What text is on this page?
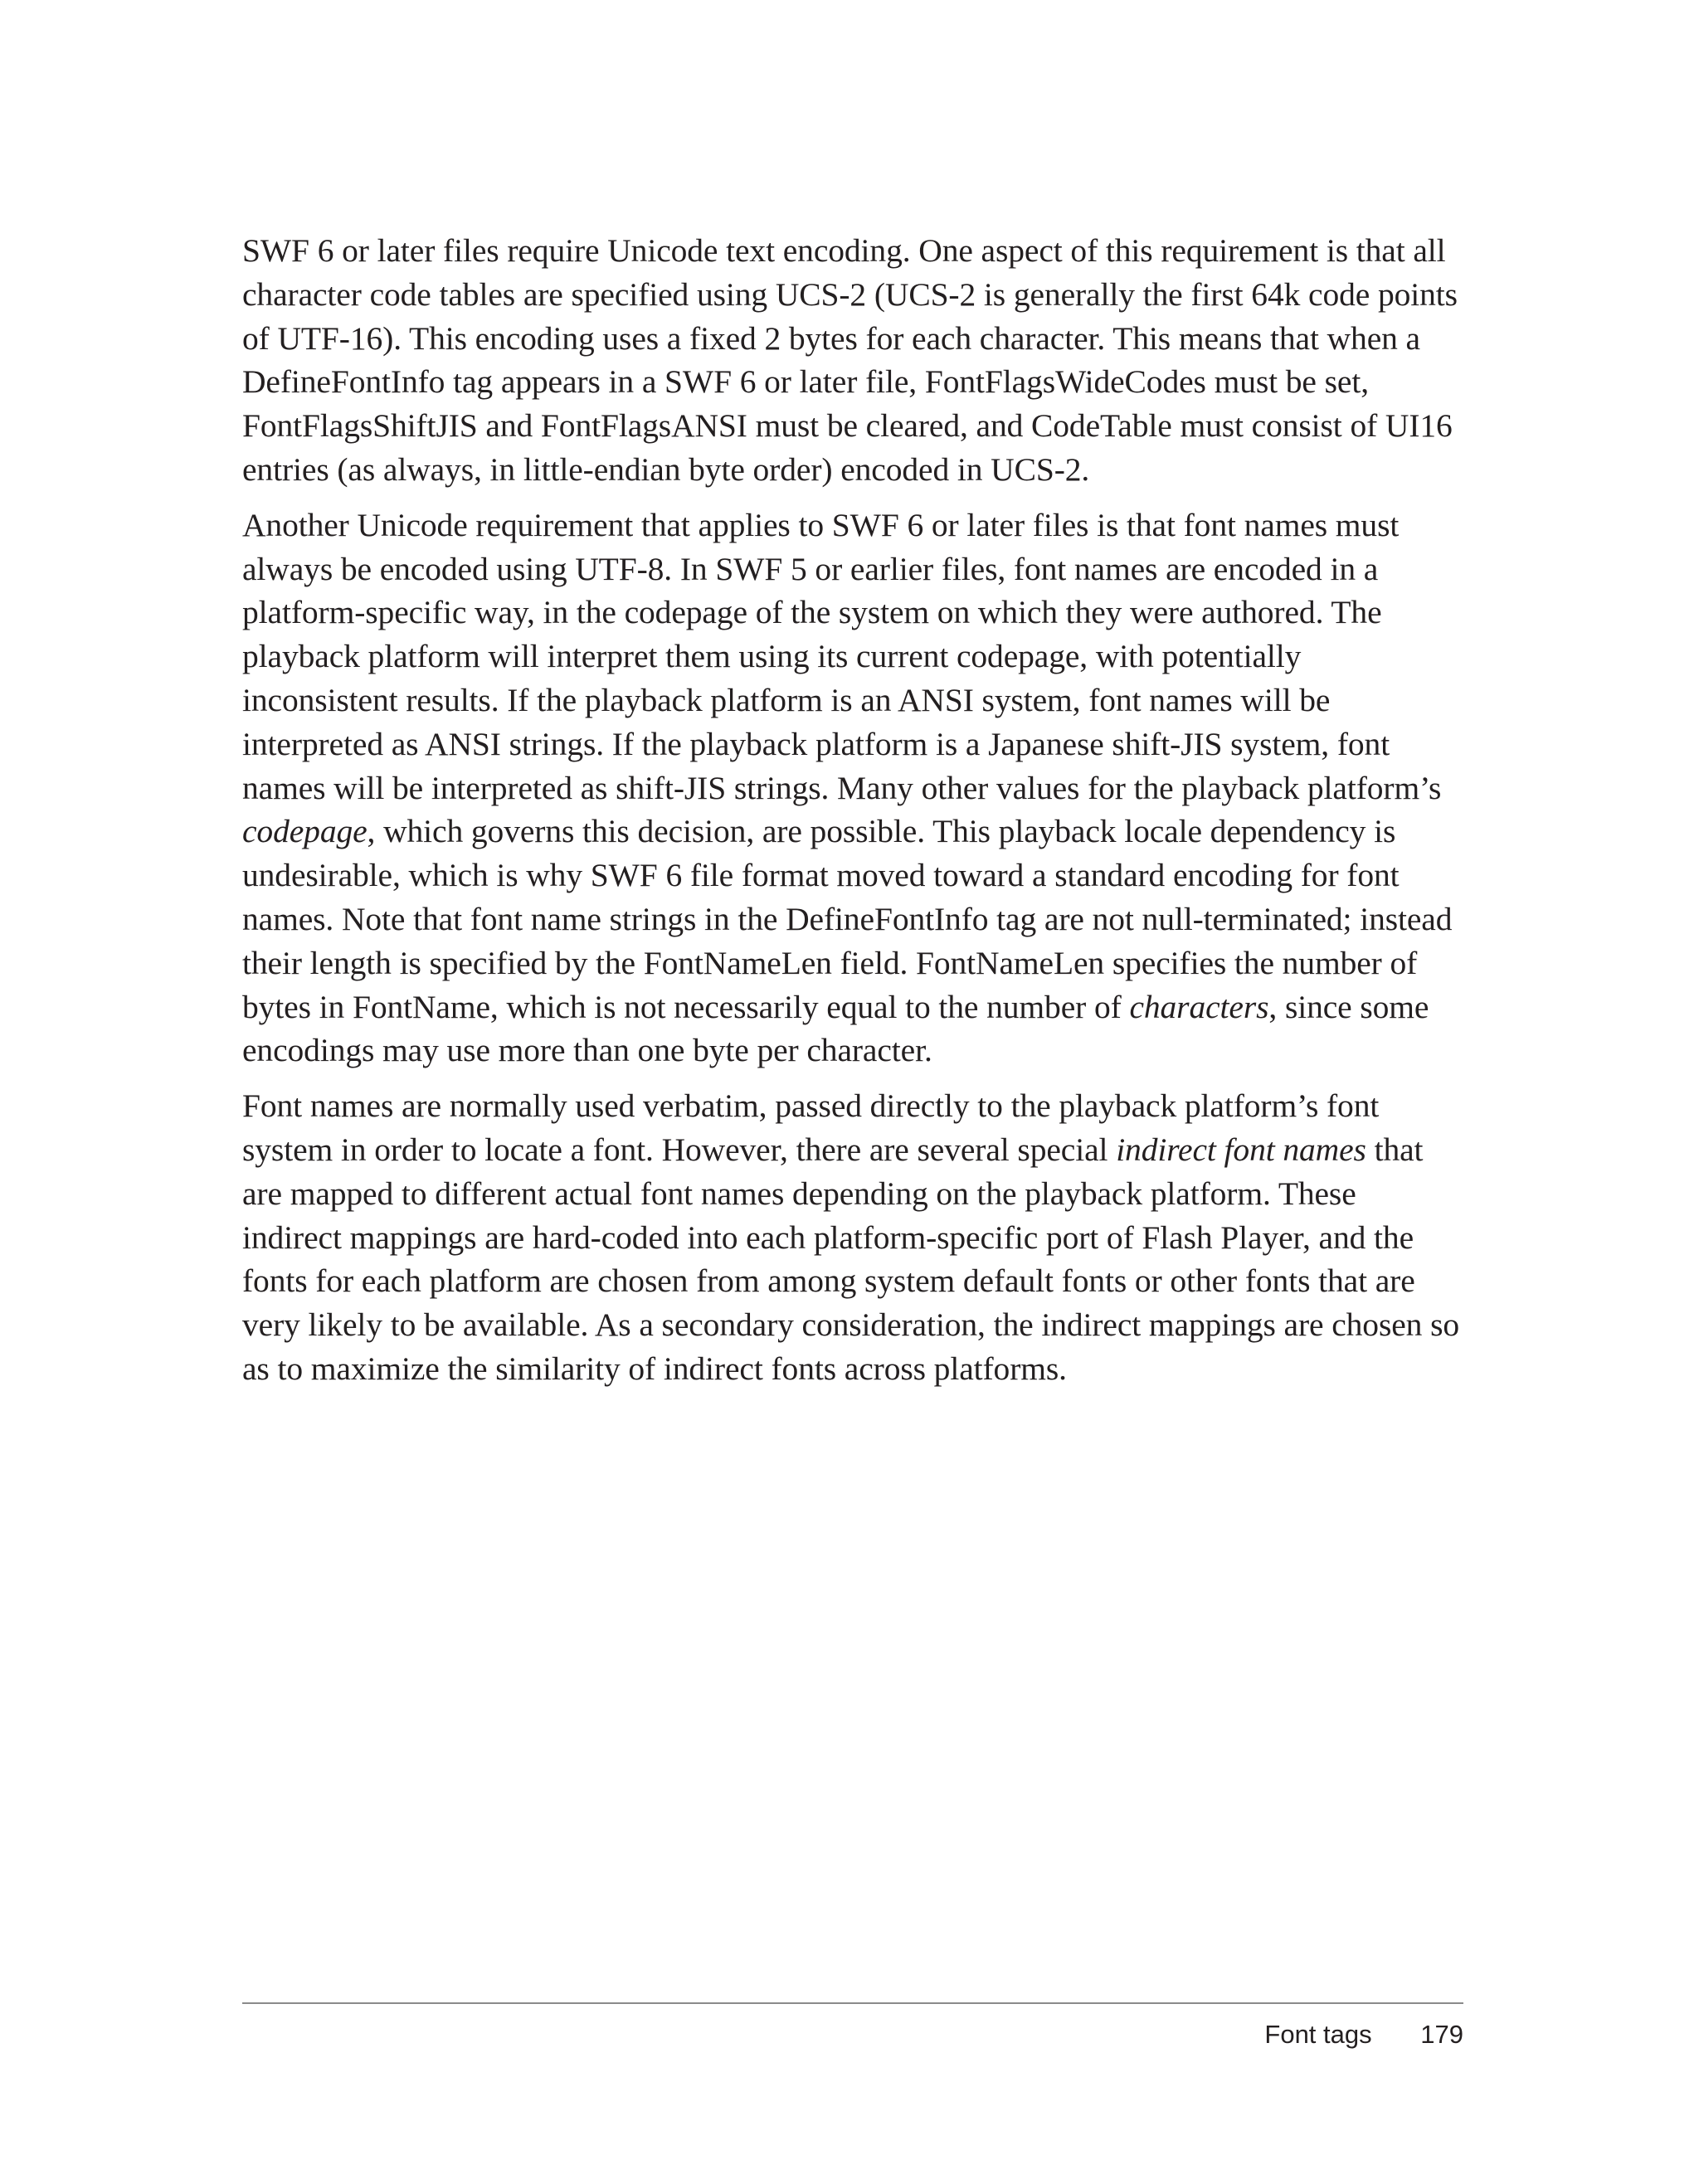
SWF 6 or later files require Unicode text encoding. One aspect of this requirement is that all character code tables are specified using UCS-2 (UCS-2 is generally the first 64k code points of UTF-16). This encoding uses a fixed 2 bytes for each character. This means that when a DefineFontInfo tag appears in a SWF 6 or later file, FontFlagsWideCodes must be set, FontFlagsShiftJIS and FontFlagsANSI must be cleared, and CodeTable must consist of UI16 entries (as always, in little-endian byte order) encoded in UCS-2.

Another Unicode requirement that applies to SWF 6 or later files is that font names must always be encoded using UTF-8. In SWF 5 or earlier files, font names are encoded in a platform-specific way, in the codepage of the system on which they were authored. The playback platform will interpret them using its current codepage, with potentially inconsistent results. If the playback platform is an ANSI system, font names will be interpreted as ANSI strings. If the playback platform is a Japanese shift-JIS system, font names will be interpreted as shift-JIS strings. Many other values for the playback platform’s codepage, which governs this decision, are possible. This playback locale dependency is undesirable, which is why SWF 6 file format moved toward a standard encoding for font names. Note that font name strings in the DefineFontInfo tag are not null-terminated; instead their length is specified by the FontNameLen field. FontNameLen specifies the number of bytes in FontName, which is not necessarily equal to the number of characters, since some encodings may use more than one byte per character.

Font names are normally used verbatim, passed directly to the playback platform’s font system in order to locate a font. However, there are several special indirect font names that are mapped to different actual font names depending on the playback platform. These indirect mappings are hard-coded into each platform-specific port of Flash Player, and the fonts for each platform are chosen from among system default fonts or other fonts that are very likely to be available. As a secondary consideration, the indirect mappings are chosen so as to maximize the similarity of indirect fonts across platforms.

Font tags 179
